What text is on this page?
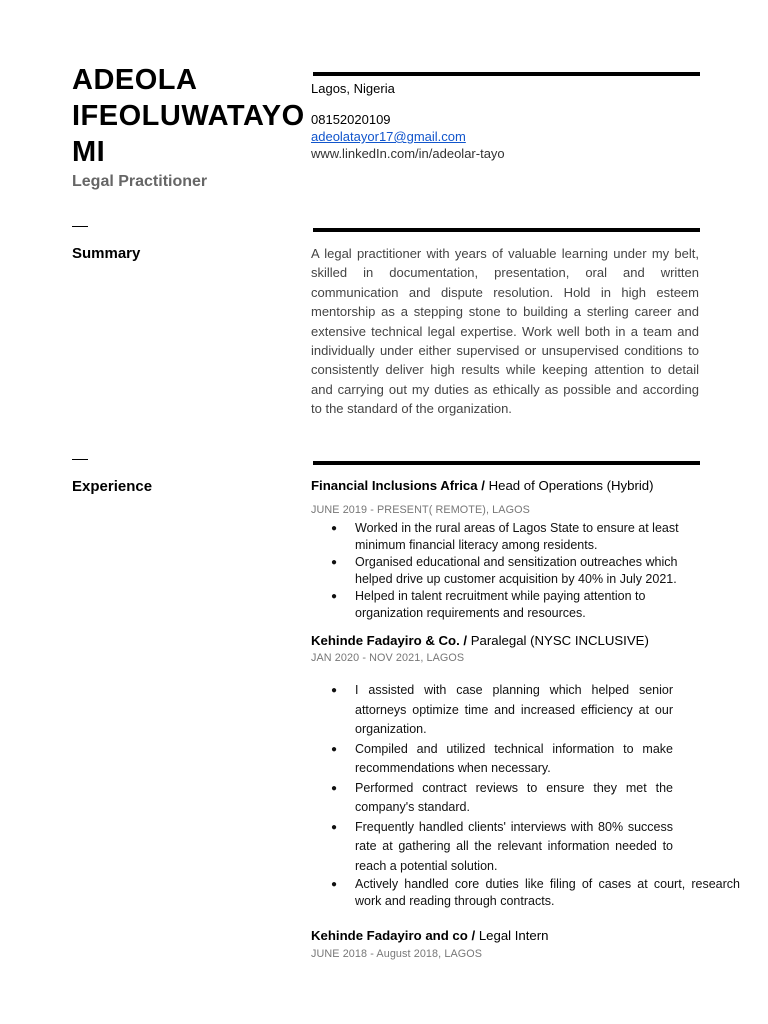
ADEOLA
IFEOLUWATAYO
MI
Legal Practitioner
Summary
Experience
Lagos, Nigeria
08152020109
adeolatayor17@gmail.com
www.linkedIn.com/in/adeolar-tayo
A legal practitioner with years of valuable learning under my belt, skilled in documentation, presentation, oral and written communication and dispute resolution. Hold in high esteem mentorship as a stepping stone to building a sterling career and extensive technical legal expertise. Work well both in a team and individually under either supervised or unsupervised conditions to consistently deliver high results while keeping attention to detail and carrying out my duties as ethically as possible and according to the standard of the organization.
Financial Inclusions Africa / Head of Operations (Hybrid)
JUNE 2019 - PRESENT( REMOTE), LAGOS
● Worked in the rural areas of Lagos State to ensure at least minimum financial literacy among residents.
● Organised educational and sensitization outreaches which helped drive up customer acquisition by 40% in July 2021.
● Helped in talent recruitment while paying attention to organization requirements and resources.
Kehinde Fadayiro & Co. / Paralegal (NYSC INCLUSIVE)
JAN 2020 - NOV 2021, LAGOS
● I assisted with case planning which helped senior attorneys optimize time and increased efficiency at our organization.
● Compiled and utilized technical information to make recommendations when necessary.
● Performed contract reviews to ensure they met the company's standard.
● Frequently handled clients' interviews with 80% success rate at gathering all the relevant information needed to reach a potential solution.
● Actively handled core duties like filing of cases at court, research work and reading through contracts.
Kehinde Fadayiro and co / Legal Intern
JUNE 2018 - August 2018, LAGOS
